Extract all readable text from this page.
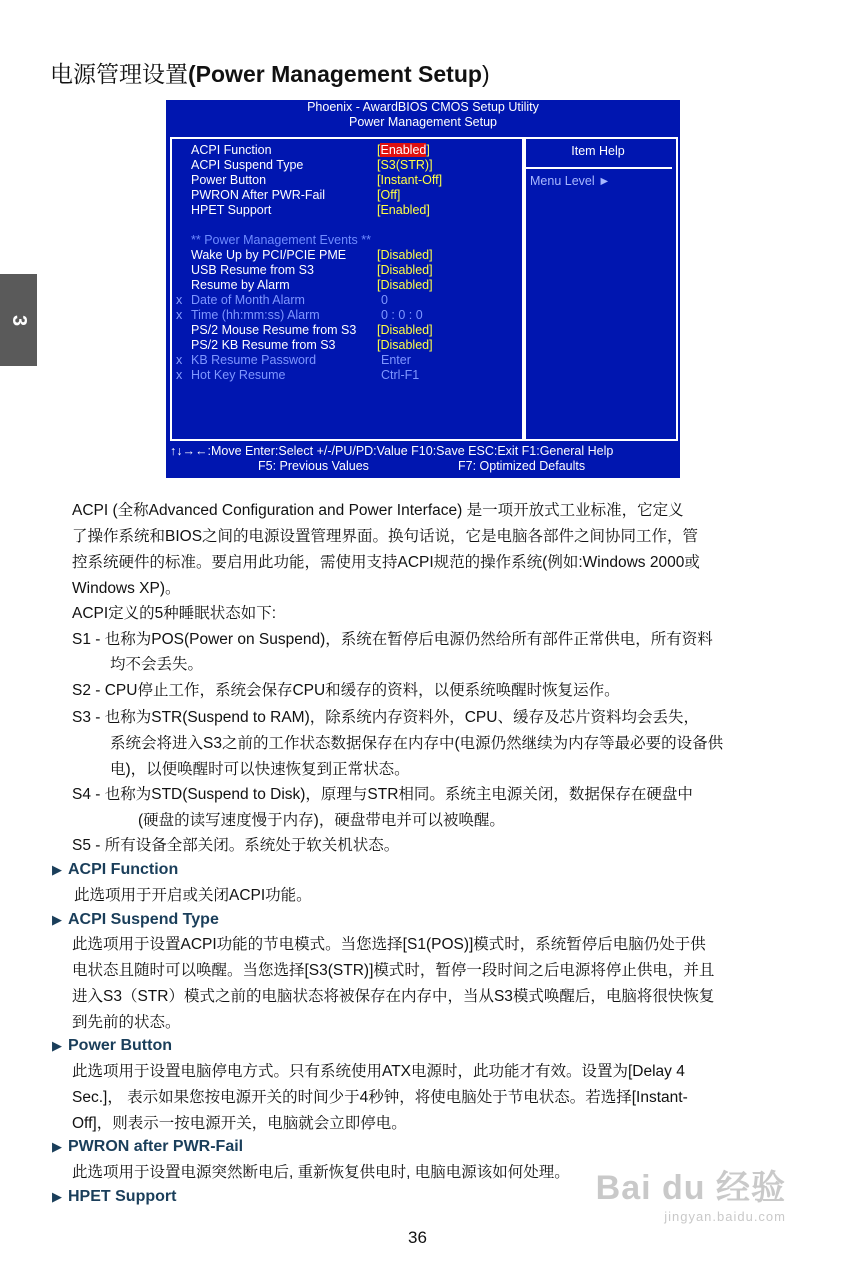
电源管理设置(Power Management Setup)
3
Phoenix - AwardBIOS CMOS Setup Utility
Power Management Setup
Item Help
Menu Level ►
ACPI Function	[Enabled]
ACPI Suspend Type	[S3(STR)]
Power Button	[Instant-Off]
PWRON After PWR-Fail	[Off]
HPET Support	[Enabled]
** Power Management Events **
Wake Up by PCI/PCIE PME [Disabled]
USB Resume from S3	[Disabled]
Resume by Alarm	[Disabled]
x Date of Month Alarm	0
x Time (hh:mm:ss) Alarm	0 : 0 : 0
PS/2 Mouse Resume from S3 [Disabled]
PS/2 KB Resume from S3	[Disabled]
x KB Resume Password	Enter
x Hot Key Resume	Ctrl-F1
↑↓→←:Move Enter:Select +/-/PU/PD:Value F10:Save ESC:Exit F1:General Help
F5: Previous Values	F7: Optimized Defaults
ACPI (全称Advanced Configuration and Power Interface) 是一项开放式工业标准，它定义
了操作系统和BIOS之间的电源设置管理界面。换句话说，它是电脑各部件之间协同工作，管
控系统硬件的标准。要启用此功能，需使用支持ACPI规范的操作系统(例如:Windows 2000或
Windows XP)。
ACPI定义的5种睡眠状态如下:
S1 - 也称为POS(Power on Suspend)，系统在暂停后电源仍然给所有部件正常供电，所有资料
均不会丢失。
S2 - CPU停止工作，系统会保存CPU和缓存的资料，以便系统唤醒时恢复运作。
S3 - 也称为STR(Suspend to RAM)，除系统内存资料外，CPU、缓存及芯片资料均会丢失，
系统会将进入S3之前的工作状态数据保存在内存中(电源仍然继续为内存等最必要的设备供
电)，以便唤醒时可以快速恢复到正常状态。
S4 - 也称为STD(Suspend to Disk)，原理与STR相同。系统主电源关闭，数据保存在硬盘中
(硬盘的读写速度慢于内存)，硬盘带电并可以被唤醒。
S5 - 所有设备全部关闭。系统处于软关机状态。
▶ ACPI Function
此选项用于开启或关闭ACPI功能。
▶ ACPI Suspend Type
此选项用于设置ACPI功能的节电模式。当您选择[S1(POS)]模式时，系统暂停后电脑仍处于供
电状态且随时可以唤醒。当您选择[S3(STR)]模式时，暂停一段时间之后电源将停止供电，并且
进入S3（STR）模式之前的电脑状态将被保存在内存中，当从S3模式唤醒后，电脑将很快恢复
到先前的状态。
▶ Power Button
此选项用于设置电脑停电方式。只有系统使用ATX电源时，此功能才有效。设置为[Delay 4
Sec.]， 表示如果您按电源开关的时间少于4秒钟，将使电脑处于节电状态。若选择[Instant-
Off]，则表示一按电源开关，电脑就会立即停电。
▶ PWRON after PWR-Fail
此选项用于设置电源突然断电后, 重新恢复供电时, 电脑电源该如何处理。
▶ HPET Support	Bai du 经验
jingyan.baidu.com
36
